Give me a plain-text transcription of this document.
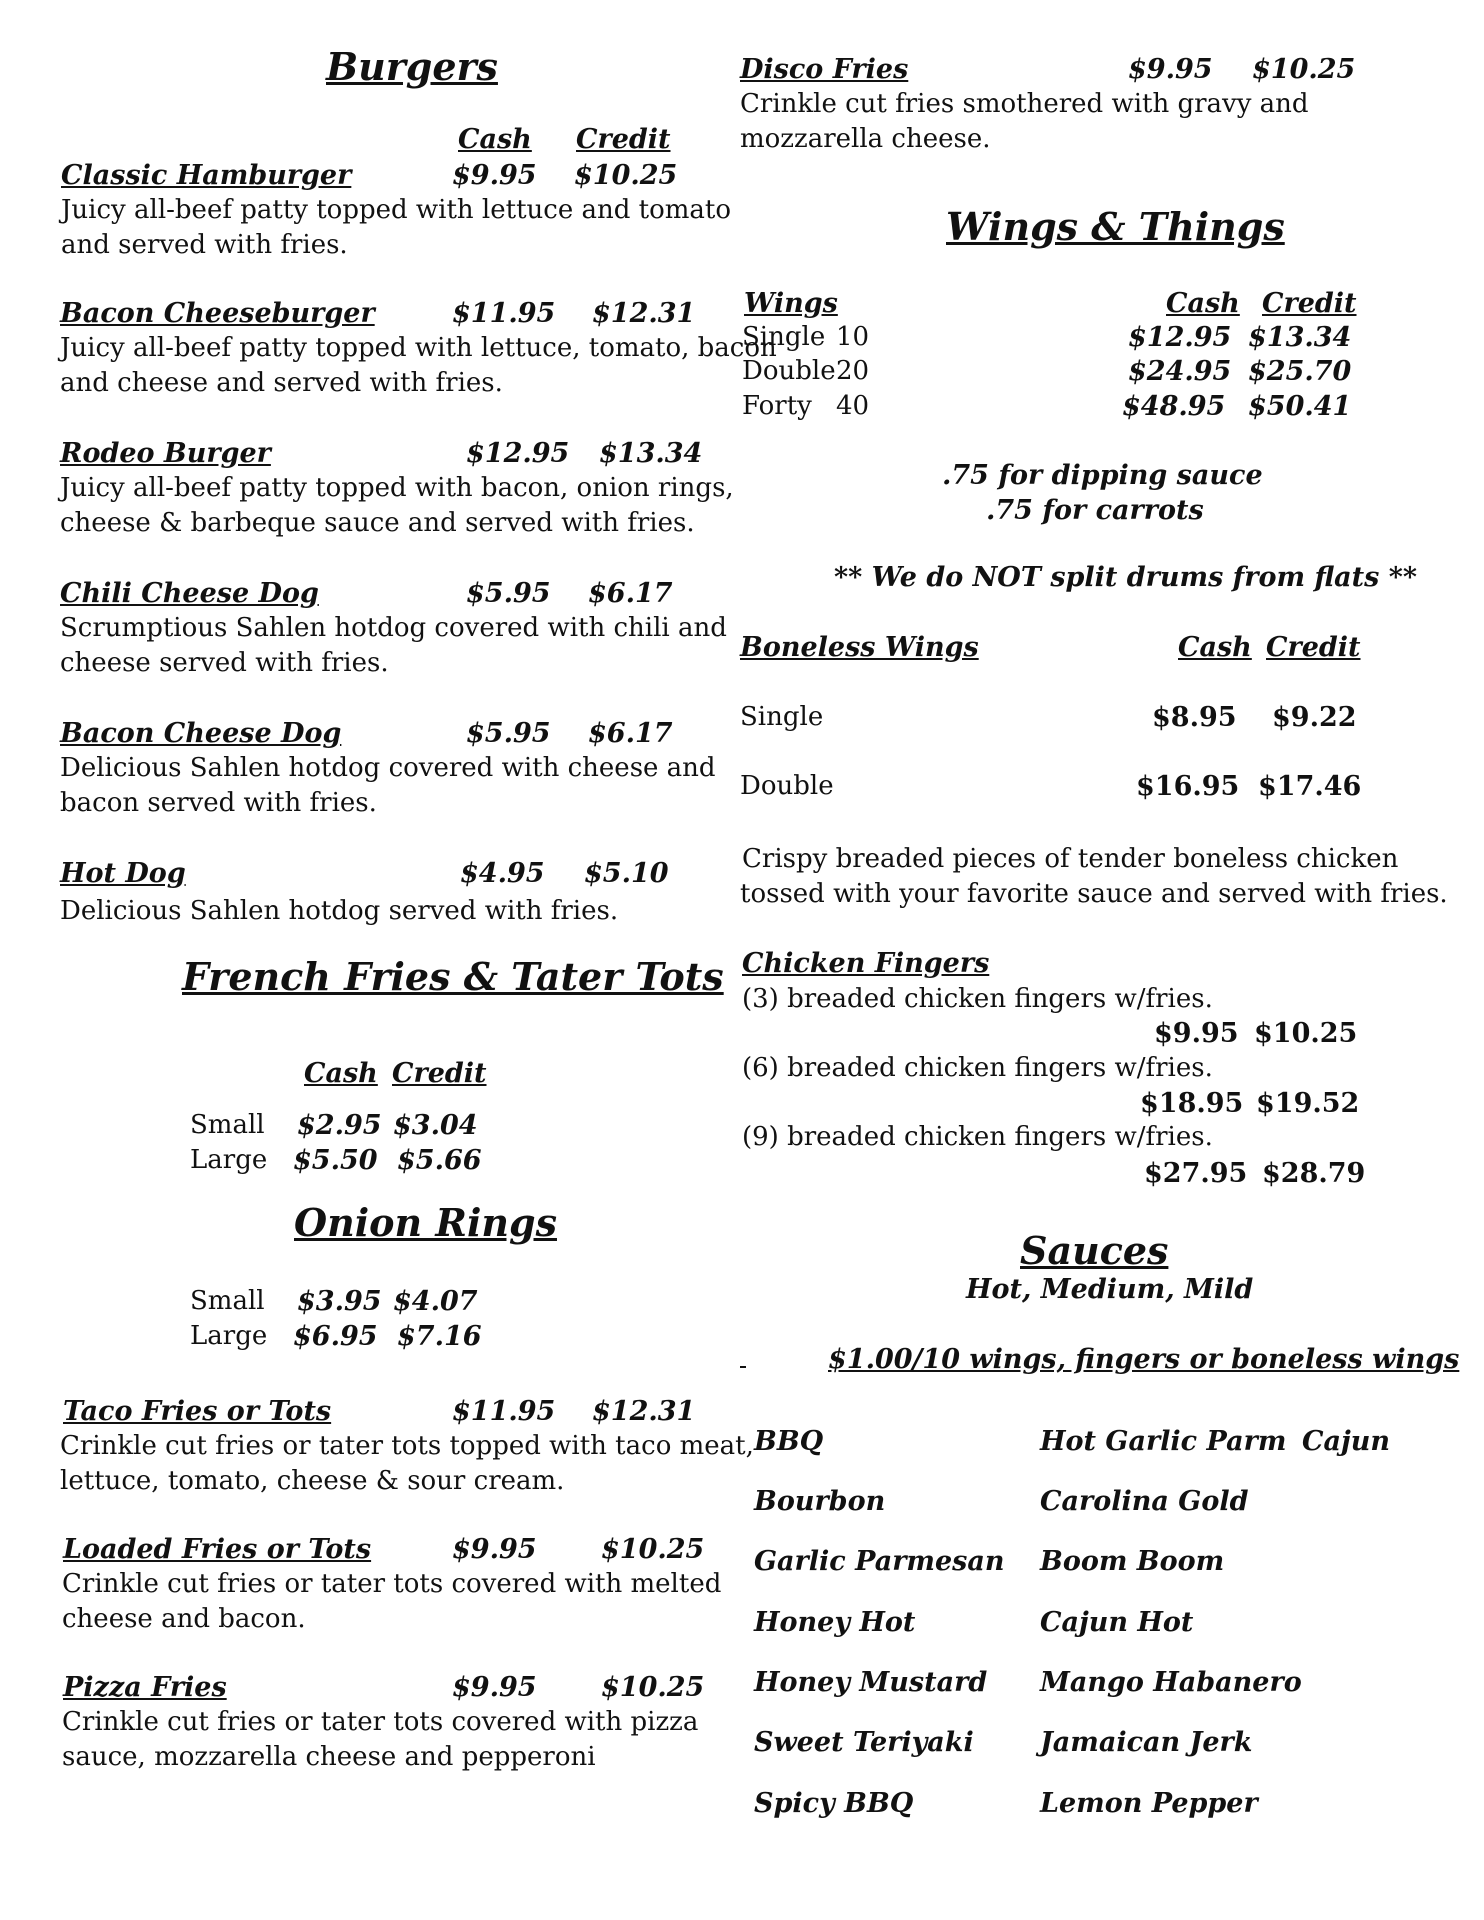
Burgers
Cash Credit
Classic Hamburger	$9.95 $10.25
Juicy all-beef patty topped with lettuce and tomato
and served with fries.
Bacon Cheeseburger	$11.95 $12.31
Juicy all-beef patty topped with lettuce, tomato, bacon
and cheese and served with fries.
Rodeo Burger	$12.95 $13.34
Juicy all-beef patty topped with bacon, onion rings,
cheese & barbeque sauce and served with fries.
Chili Cheese Dog	$5.95 $6.17
Scrumptious Sahlen hotdog covered with chili and
cheese served with fries.
Bacon Cheese Dog	$5.95 $6.17
Delicious Sahlen hotdog covered with cheese and
bacon served with fries.
Hot Dog	$4.95 $5.10
Delicious Sahlen hotdog served with fries.
French Fries & Tater Tots
Cash Credit
Small $2.95 $3.04
Large $5.50 $5.66
Onion Rings
Small $3.95 $4.07
Large $6.95 $7.16
Taco Fries or Tots	$11.95 $12.31
Crinkle cut fries or tater tots topped with taco meat,
lettuce, tomato, cheese & sour cream.
Loaded Fries or Tots	$9.95 $10.25
Crinkle cut fries or tater tots covered with melted
cheese and bacon.
Pizza Fries	$9.95 $10.25
Crinkle cut fries or tater tots covered with pizza
sauce, mozzarella cheese and pepperoni
Disco Fries	$9.95 $10.25
Crinkle cut fries smothered with gravy and
mozzarella cheese.
Wings & Things
Wings	Cash Credit
Single 10	$12.95 $13.34
Double 20	$24.95 $25.70
Forty 40	$48.95 $50.41
.75 for dipping sauce
.75 for carrots
** We do NOT split drums from flats **
Boneless Wings	Cash Credit
Single	$8.95 $9.22
Double	$16.95 $17.46
Crispy breaded pieces of tender boneless chicken
tossed with your favorite sauce and served with fries.
Chicken Fingers
(3) breaded chicken fingers w/fries.
$9.95 $10.25
(6) breaded chicken fingers w/fries.
$18.95 $19.52
(9) breaded chicken fingers w/fries.
$27.95 $28.79
Sauces
Hot, Medium, Mild
$1.00/10 wings, fingers or boneless wings
BBQ
Bourbon
Garlic Parmesan
Honey Hot
Honey Mustard
Sweet Teriyaki
Spicy BBQ
Hot Garlic Parm
Carolina Gold
Boom Boom
Cajun Hot
Mango Habanero
Jamaican Jerk
Lemon Pepper
Cajun
